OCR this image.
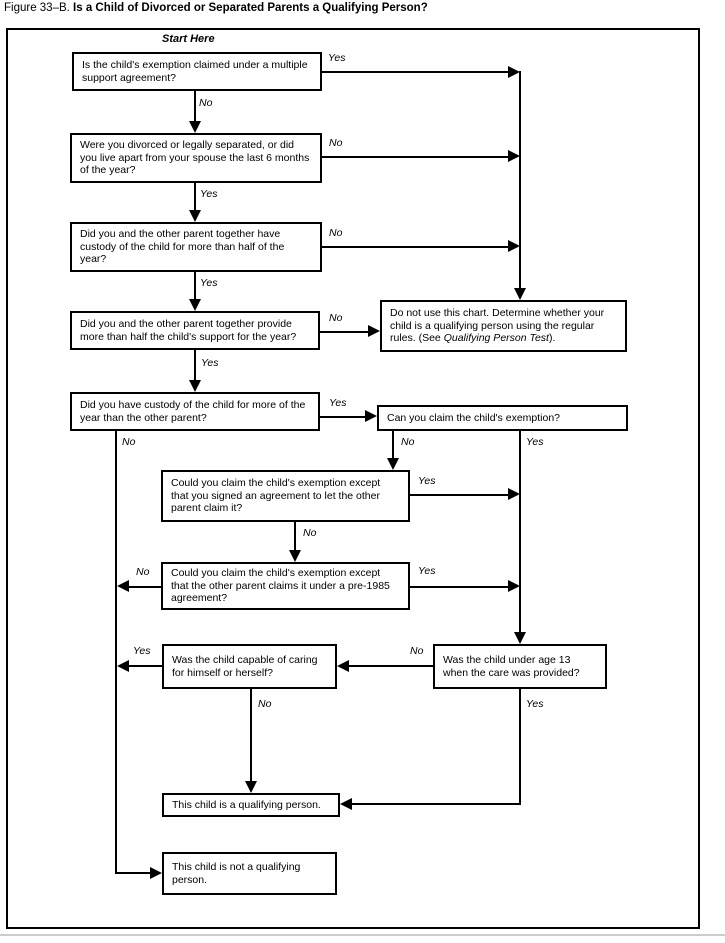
Figure 33–B. Is a Child of Divorced or Separated Parents a Qualifying Person?
Start Here
Yes
No
No
Yes
No
Yes
No
Yes
Yes
No	No	Yes
Yes
No
No	Yes
Yes	No
No	Yes
Is the child's exemption claimed under a multiple support agreement?
Were you divorced or legally separated, or did you live apart from your spouse the last 6 months of the year?
Did you and the other parent together have custody of the child for more than half of the year?
Did you and the other parent together provide more than half the child's support for the year?
Do not use this chart. Determine whether your child is a qualifying person using the regular rules. (See Qualifying Person Test).
Did you have custody of the child for more of the year than the other parent?	Can you claim the child's exemption?
Could you claim the child's exemption except that you signed an agreement to let the other parent claim it?
Could you claim the child's exemption except that the other parent claims it under a pre-1985 agreement?
Was the child capable of caring for himself or herself?
Was the child under age 13 when the care was provided?
This child is a qualifying person.
This child is not a qualifying person.
